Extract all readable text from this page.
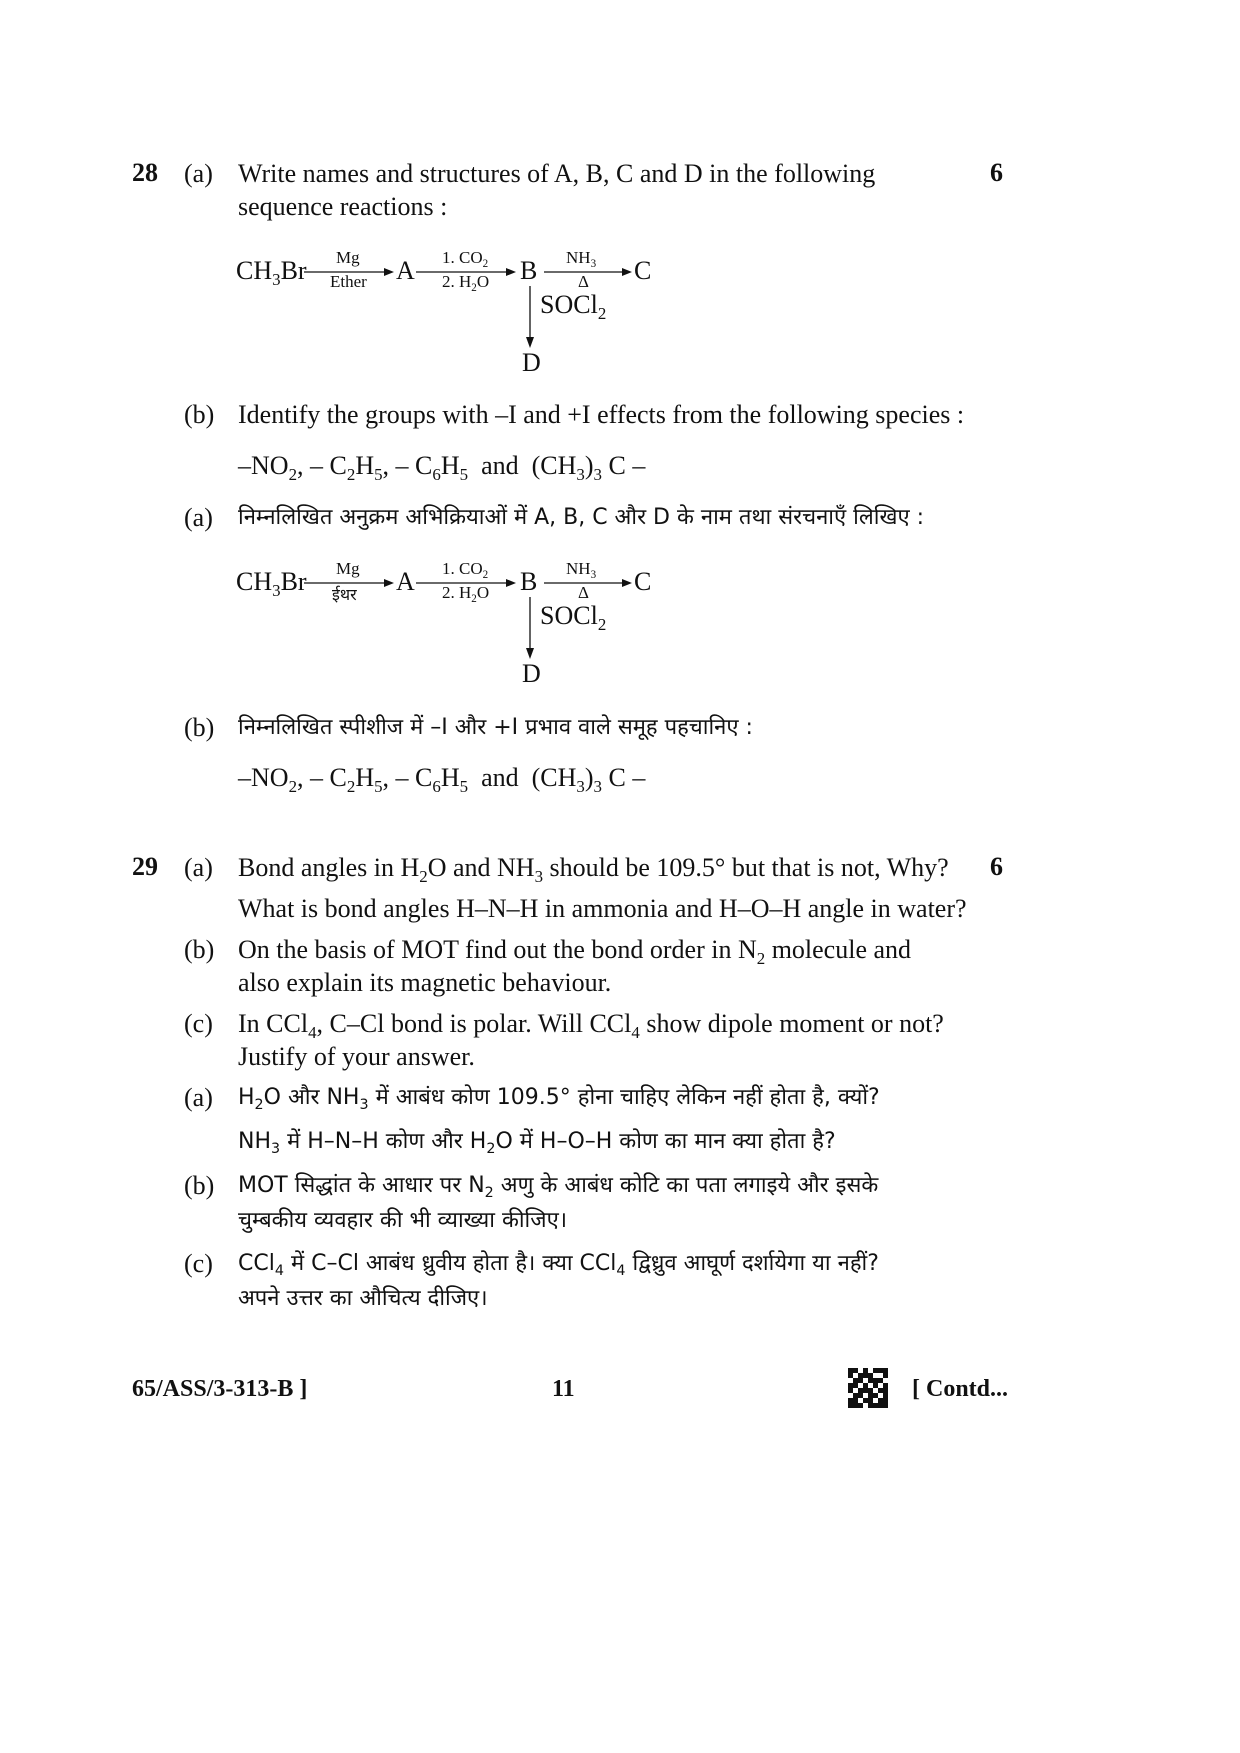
28 (a) Write names and structures of A, B, C and D in the following
sequence reactions :
6
$CH_3Br$ Mg
Ether A 1. $CO_2$
2. $H_2O$ B $NH_3$
Δ C
SOCl$_2$
D
(b) Identify the groups with –I and +I effects from the following species :
$-NO_2$, – $C_2H_5$, – $C_6H_5$  and  $(CH_3)_3$ C –
(a) निम्नलिखित अनुक्रम अभिक्रियाओं में A, B, C और D के नाम तथा संरचनाएँ लिखिए :
$CH_3Br$ Mg
ईथर A 1. $CO_2$
2. $H_2O$ B $NH_3$
Δ C
SOCl$_2$
D
(b) निम्नलिखित स्पीशीज में –I और +I प्रभाव वाले समूह पहचानिए :
$-NO_2$, – $C_2H_5$, – $C_6H_5$  and  $(CH_3)_3$ C –
29	6
(a) Bond angles in $H_2O$ and $NH_3$ should be 109.5° but that is not, Why?
What is bond angles H–N–H in ammonia and H–O–H angle in water?
(b) On the basis of MOT find out the bond order in $N_2$ molecule and
also explain its magnetic behaviour.
(c) In CCl$_4$, C–Cl bond is polar. Will CCl$_4$ show dipole moment or not?
Justify of your answer.
(a) $H_2O$ और $NH_3$ में आबंध कोण 109.5° होना चाहिए लेकिन नहीं होता है, क्यों?
$NH_3$ में H–N–H कोण और $H_2O$ में H–O–H कोण का मान क्या होता है?
(b) MOT सिद्धांत के आधार पर $N_2$ अणु के आबंध कोटि का पता लगाइये और इसके
चुम्बकीय व्यवहार की भी व्याख्या कीजिए।
(c) CCl$_4$ में C–Cl आबंध ध्रुवीय होता है। क्या CCl$_4$ द्विध्रुव आघूर्ण दर्शायेगा या नहीं?
अपने उत्तर का औचित्य दीजिए।
65/ASS/3-313-B ]	11	[ Contd...
